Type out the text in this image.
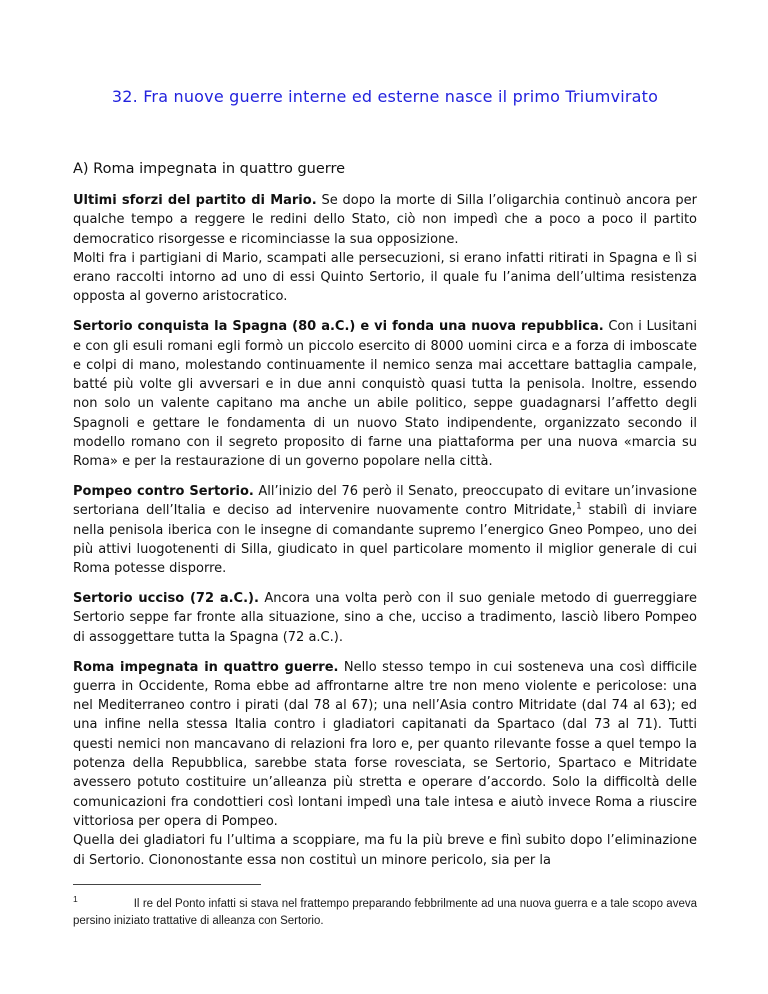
32. Fra nuove guerre interne ed esterne nasce il primo Triumvirato
A) Roma impegnata in quattro guerre

Ultimi sforzi del partito di Mario. Se dopo la morte di Silla l’oligarchia continuò ancora per qualche tempo a reggere le redini dello Stato, ciò non impedì che a poco a poco il partito democratico risorgesse e ricominciasse la sua opposizione.
Molti fra i partigiani di Mario, scampati alle persecuzioni, si erano infatti ritirati in Spagna e lì si erano raccolti intorno ad uno di essi Quinto Sertorio, il quale fu l’anima dell’ultima resistenza opposta al governo aristocratico.

Sertorio conquista la Spagna (80 a.C.) e vi fonda una nuova repubblica. Con i Lusitani e con gli esuli romani egli formò un piccolo esercito di 8000 uomini circa e a forza di imboscate e colpi di mano, molestando continuamente il nemico senza mai accettare battaglia campale, batté più volte gli avversari e in due anni conquistò quasi tutta la penisola. Inoltre, essendo non solo un valente capitano ma anche un abile politico, seppe guadagnarsi l’affetto degli Spagnoli e gettare le fondamenta di un nuovo Stato indipendente, organizzato secondo il modello romano con il segreto proposito di farne una piattaforma per una nuova «marcia su Roma» e per la restaurazione di un governo popolare nella città.

Pompeo contro Sertorio. All’inizio del 76 però il Senato, preoccupato di evitare un’invasione sertoriana dell’Italia e deciso ad intervenire nuovamente contro Mitridate,$^1$ stabilì di inviare nella penisola iberica con le insegne di comandante supremo l’energico Gneo Pompeo, uno dei più attivi luogotenenti di Silla, giudicato in quel particolare momento il miglior generale di cui Roma potesse disporre.

Sertorio ucciso (72 a.C.). Ancora una volta però con il suo geniale metodo di guerreggiare Sertorio seppe far fronte alla situazione, sino a che, ucciso a tradimento, lasciò libero Pompeo di assoggettare tutta la Spagna (72 a.C.).

Roma impegnata in quattro guerre. Nello stesso tempo in cui sosteneva una così difficile guerra in Occidente, Roma ebbe ad affrontarne altre tre non meno violente e pericolose: una nel Mediterraneo contro i pirati (dal 78 al 67); una nell’Asia contro Mitridate (dal 74 al 63); ed una infine nella stessa Italia contro i gladiatori capitanati da Spartaco (dal 73 al 71). Tutti questi nemici non mancavano di relazioni fra loro e, per quanto rilevante fosse a quel tempo la potenza della Repubblica, sarebbe stata forse rovesciata, se Sertorio, Spartaco e Mitridate avessero potuto costituire un’alleanza più stretta e operare d’accordo. Solo la difficoltà delle comunicazioni fra condottieri così lontani impedì una tale intesa e aiutò invece Roma a riuscire vittoriosa per opera di Pompeo.
Quella dei gladiatori fu l’ultima a scoppiare, ma fu la più breve e finì subito dopo l’eliminazione di Sertorio. Ciononostante essa non costituì un minore pericolo, sia per la

$^1$	Il re del Ponto infatti si stava nel frattempo preparando febbrilmente ad una nuova guerra e a tale scopo aveva persino iniziato trattative di alleanza con Sertorio.
